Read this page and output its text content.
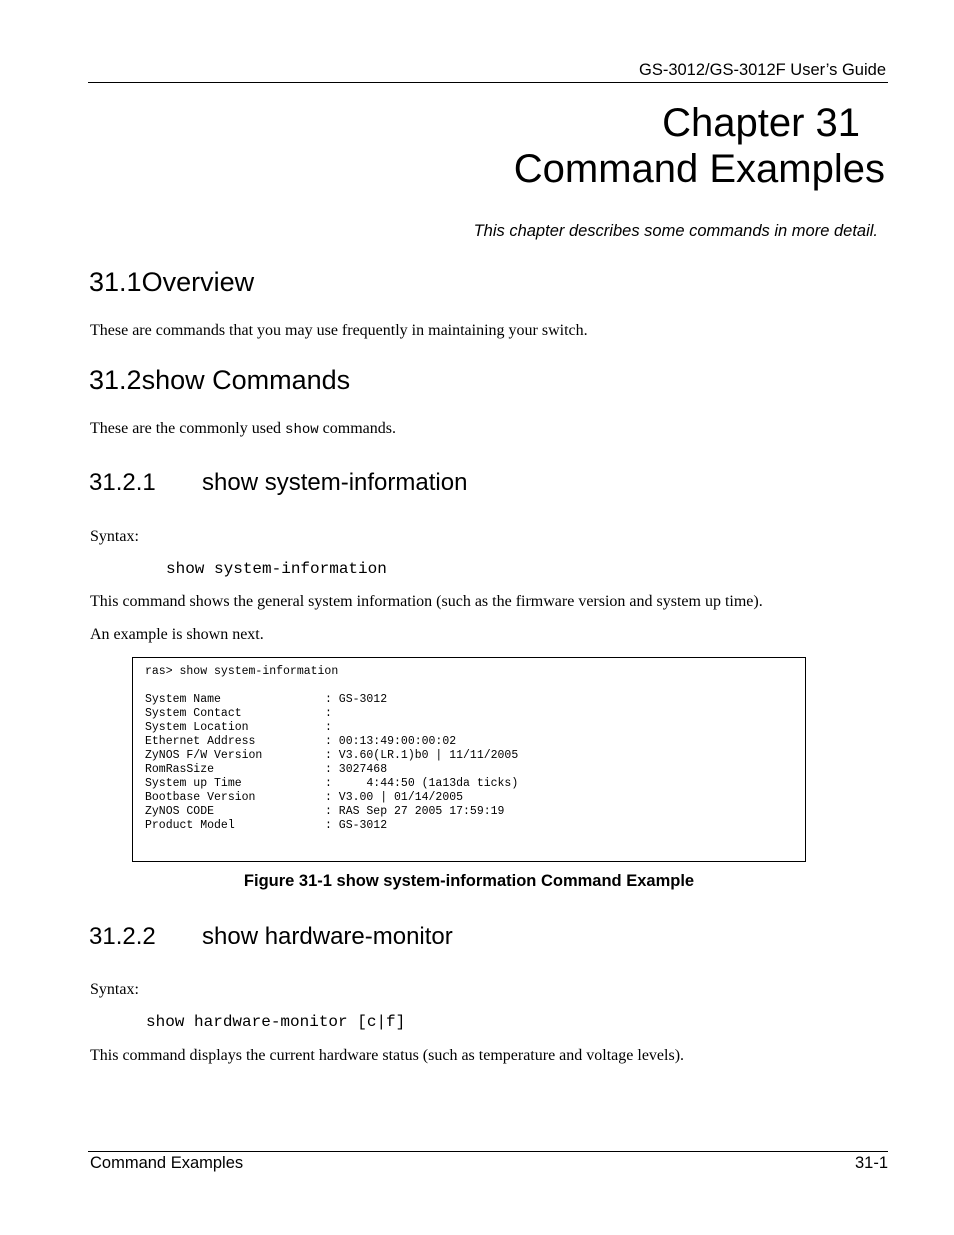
GS-3012/GS-3012F User’s Guide
Chapter 31
Command Examples
This chapter describes some commands in more detail.
31.1Overview
These are commands that you may use frequently in maintaining your switch.
31.2show Commands
These are the commonly used show commands.
31.2.1 show system-information
Syntax:
show system-information
This command shows the general system information (such as the firmware version and system up time).
An example is shown next.
ras> show system-information
System Name	: GS-3012
System Contact	:
System Location	:
Ethernet Address	: 00:13:49:00:00:02
ZyNOS F/W Version	: V3.60(LR.1)b0 | 11/11/2005
RomRasSize	: 3027468
System up Time	:     4:44:50 (1a13da ticks)
Bootbase Version	: V3.00 | 01/14/2005
ZyNOS CODE	: RAS Sep 27 2005 17:59:19
Product Model	: GS-3012
Figure 31-1 show system-information Command Example
31.2.2 show hardware-monitor
Syntax:
show hardware-monitor [c|f]
This command displays the current hardware status (such as temperature and voltage levels).
Command Examples	31-1
